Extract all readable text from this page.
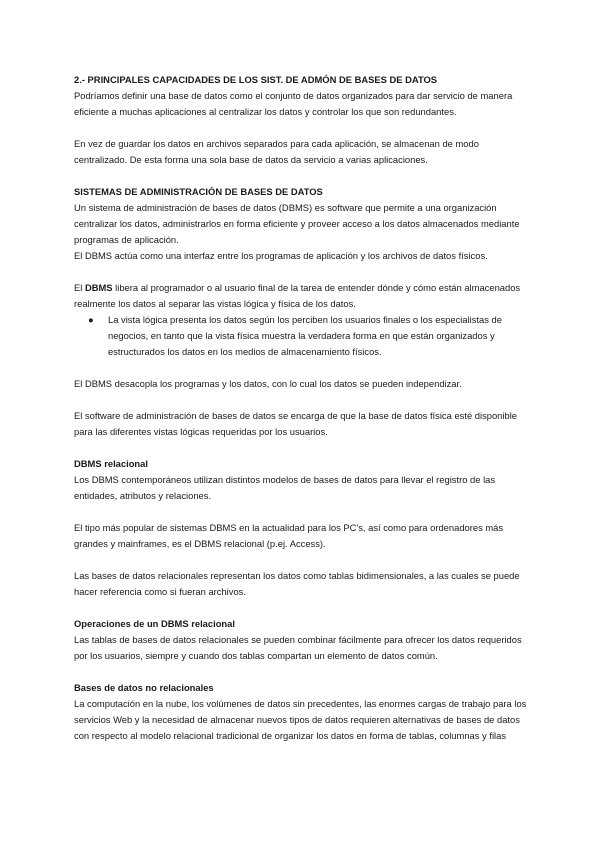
2.- PRINCIPALES CAPACIDADES DE LOS SIST. DE ADMÓN DE BASES DE DATOS

Podríamos definir una base de datos como el conjunto de datos organizados para dar servicio de manera eficiente a muchas aplicaciones al centralizar los datos y controlar los que son redundantes.

En vez de guardar los datos en archivos separados para cada aplicación, se almacenan de modo centralizado. De esta forma una sola base de datos da servicio a varias aplicaciones.

SISTEMAS DE ADMINISTRACIÓN DE BASES DE DATOS

Un sistema de administración de bases de datos (DBMS) es software que permite a una organización centralizar los datos, administrarlos en forma eficiente y proveer acceso a los datos almacenados mediante programas de aplicación.

El DBMS actúa como una interfaz entre los programas de aplicación y los archivos de datos físicos.

El DBMS libera al programador o al usuario final de la tarea de entender dónde y cómo están almacenados realmente los datos al separar las vistas lógica y física de los datos.

● La vista lógica presenta los datos según los perciben los usuarios finales o los especialistas de negocios, en tanto que la vista física muestra la verdadera forma en que están organizados y estructurados los datos en los medios de almacenamiento físicos.

El DBMS desacopla los programas y los datos, con lo cual los datos se pueden independizar.

El software de administración de bases de datos se encarga de que la base de datos física esté disponible para las diferentes vistas lógicas requeridas por los usuarios.

DBMS relacional

Los DBMS contemporáneos utilizan distintos modelos de bases de datos para llevar el registro de las entidades, atributos y relaciones.

El tipo más popular de sistemas DBMS en la actualidad para los PC's, así como para ordenadores más grandes y mainframes, es el DBMS relacional (p.ej. Access).

Las bases de datos relacionales representan los datos como tablas bidimensionales, a las cuales se puede hacer referencia como si fueran archivos.

Operaciones de un DBMS relacional

Las tablas de bases de datos relacionales se pueden combinar fácilmente para ofrecer los datos requeridos por los usuarios, siempre y cuando dos tablas compartan un elemento de datos común.

Bases de datos no relacionales

La computación en la nube, los volúmenes de datos sin precedentes, las enormes cargas de trabajo para los servicios Web y la necesidad de almacenar nuevos tipos de datos requieren alternativas de bases de datos con respecto al modelo relacional tradicional de organizar los datos en forma de tablas, columnas y filas
